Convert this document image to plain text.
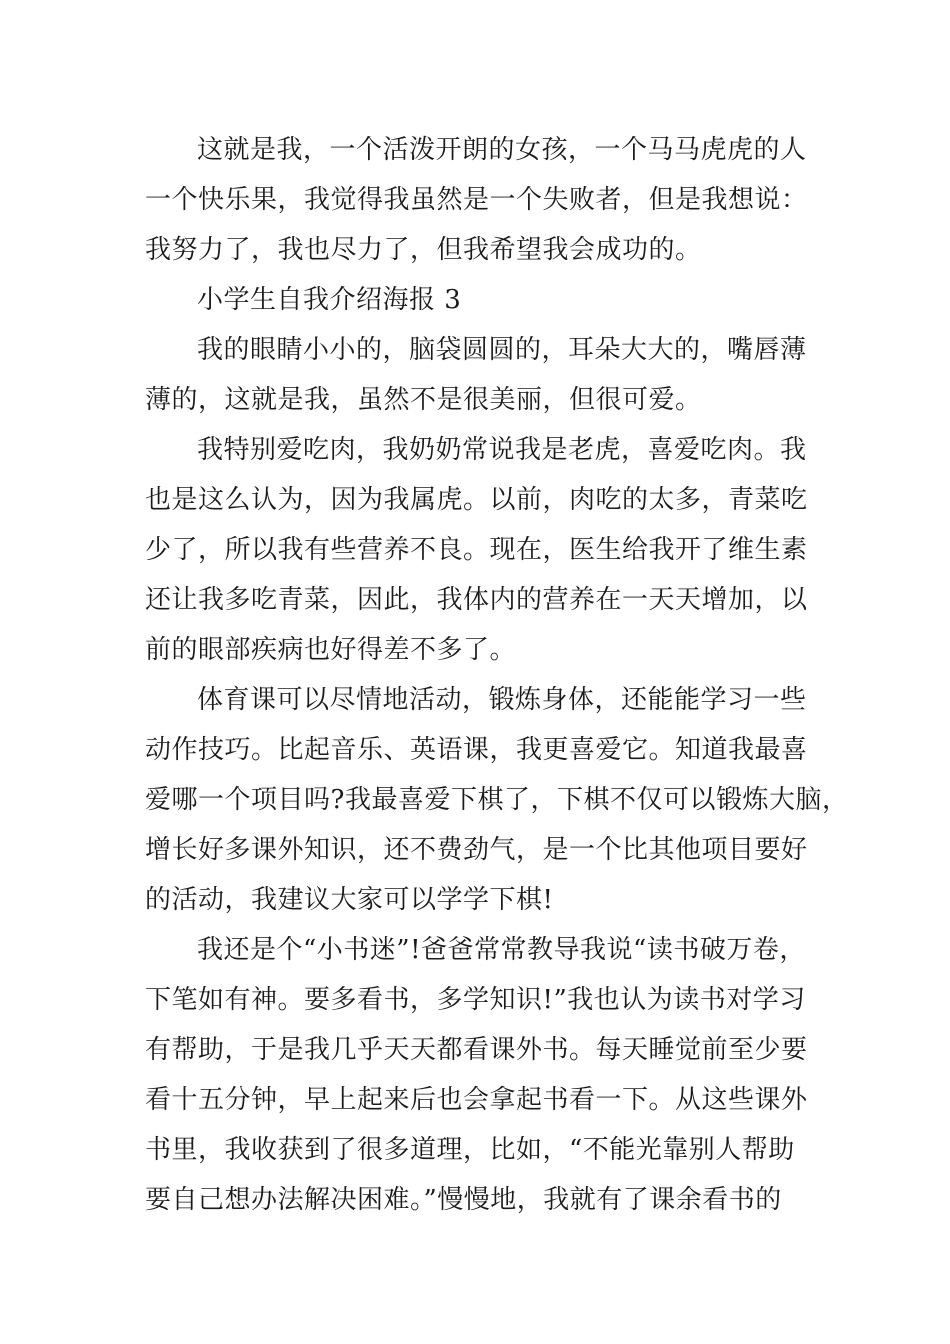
这就是我，一个活泼开朗的女孩，一个马马虎虎的人
一个快乐果，我觉得我虽然是一个失败者，但是我想说：
我努力了，我也尽力了，但我希望我会成功的。
小学生自我介绍海报 3
我的眼睛小小的，脑袋圆圆的，耳朵大大的，嘴唇薄
薄的，这就是我，虽然不是很美丽，但很可爱。
我特别爱吃肉，我奶奶常说我是老虎，喜爱吃肉。我
也是这么认为，因为我属虎。以前，肉吃的太多，青菜吃
少了，所以我有些营养不良。现在，医生给我开了维生素
还让我多吃青菜，因此，我体内的营养在一天天增加，以
前的眼部疾病也好得差不多了。
体育课可以尽情地活动，锻炼身体，还能能学习一些
动作技巧。比起音乐、英语课，我更喜爱它。知道我最喜
爱哪一个项目吗?我最喜爱下棋了，下棋不仅可以锻炼大脑，
增长好多课外知识，还不费劲气，是一个比其他项目要好
的活动，我建议大家可以学学下棋!
我还是个“小书迷”!爸爸常常教导我说“读书破万卷，
下笔如有神。要多看书，多学知识!”我也认为读书对学习
有帮助，于是我几乎天天都看课外书。每天睡觉前至少要
看十五分钟，早上起来后也会拿起书看一下。从这些课外
书里，我收获到了很多道理，比如，“不能光靠别人帮助
要自己想办法解决困难。”慢慢地，我就有了课余看书的
